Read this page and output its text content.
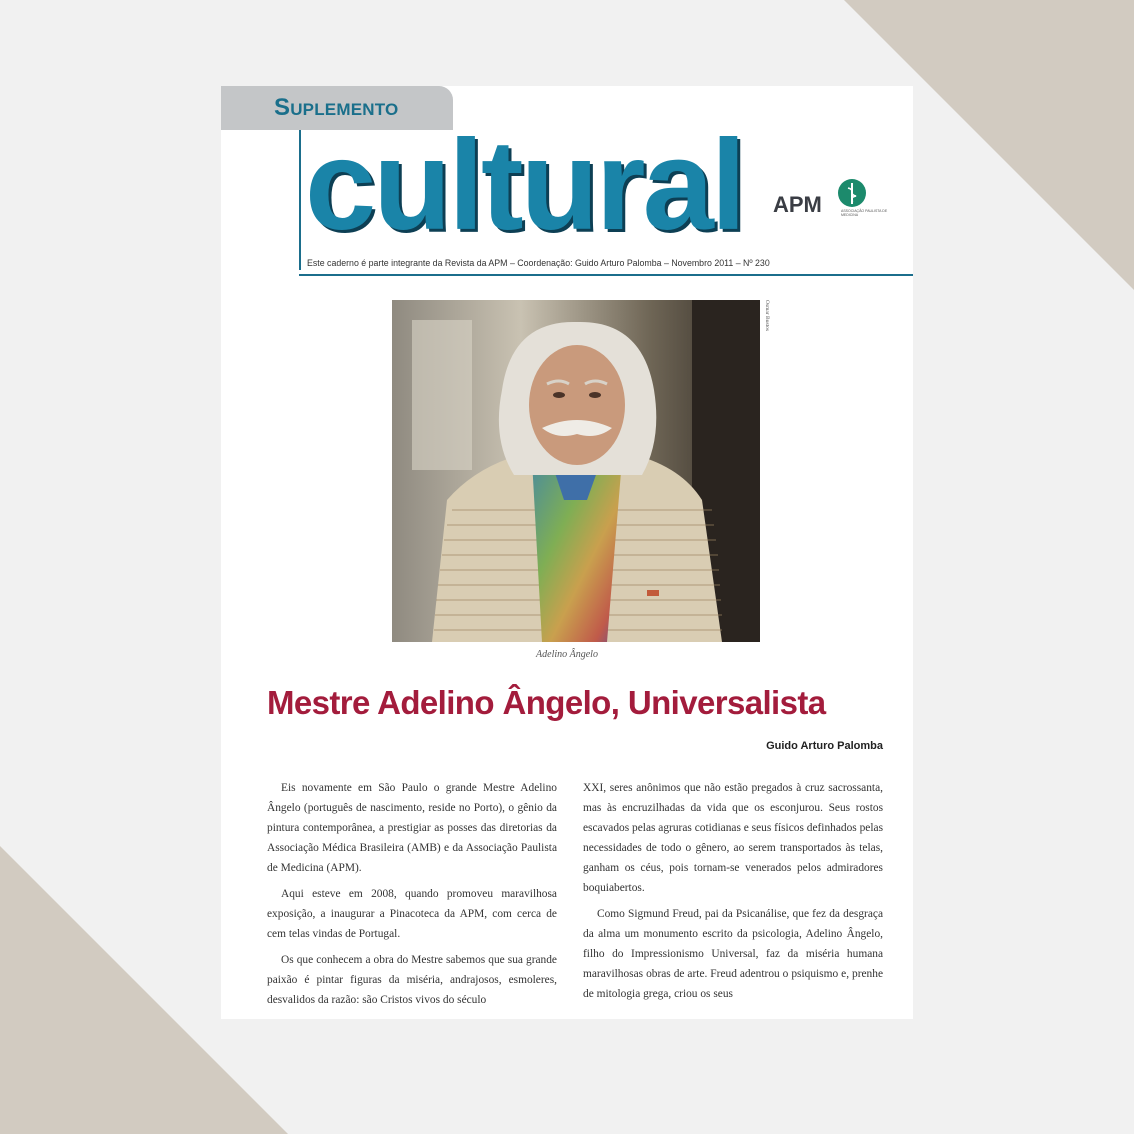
Suplemento
cultural APM	ASSOCIAÇÃO PAULISTA DE MEDICINA
Este caderno é parte integrante da Revista da APM – Coordenação: Guido Arturo Palomba – Novembro 2011 – Nº 230
Osmar Bustos
Adelino Ângelo
Mestre Adelino Ângelo, Universalista
Guido Arturo Palomba

Eis novamente em São Paulo o grande Mestre Adelino Ângelo (português de nascimento, reside no Porto), o gênio da pintura contemporânea, a prestigiar as posses das diretorias da Associação Médica Brasileira (AMB) e da Associação Paulista de Medicina (APM).

Aqui esteve em 2008, quando promoveu maravilhosa exposição, a inaugurar a Pinacoteca da APM, com cerca de cem telas vindas de Portugal.

Os que conhecem a obra do Mestre sabemos que sua grande paixão é pintar figuras da miséria, andrajosos, esmoleres, desvalidos da razão: são Cristos vivos do século

XXI, seres anônimos que não estão pregados à cruz sacrossanta, mas às encruzilhadas da vida que os esconjurou. Seus rostos escavados pelas agruras cotidianas e seus físicos definhados pelas necessidades de todo o gênero, ao serem transportados às telas, ganham os céus, pois tornam-se venerados pelos admiradores boquiabertos.

Como Sigmund Freud, pai da Psicanálise, que fez da desgraça da alma um monumento escrito da psicologia, Adelino Ângelo, filho do Impressionismo Universal, faz da miséria humana maravilhosas obras de arte. Freud adentrou o psiquismo e, prenhe de mitologia grega, criou os seus
